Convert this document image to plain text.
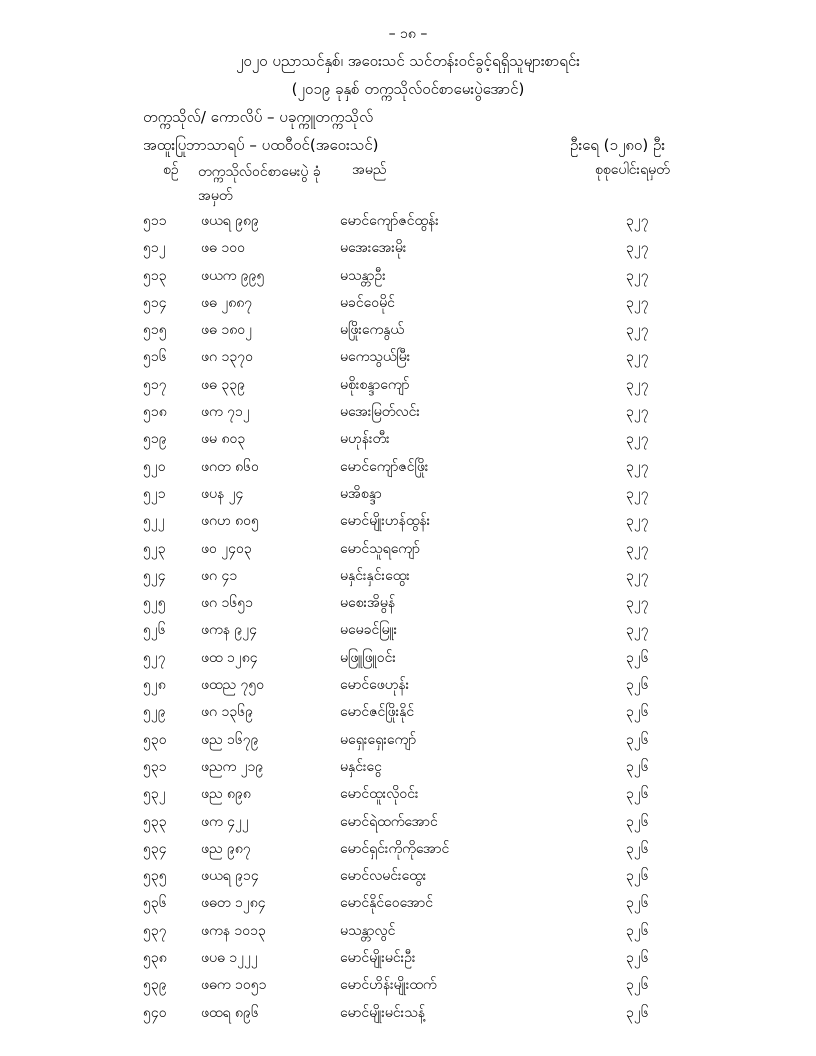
– ၁၈ –
၂၀၂၀ ပညာသင်နှစ်၊ အဝေးသင် သင်တန်းဝင်ခွင့်ရရှိသူများစာရင်း
(၂၀၁၉ ခုနှစ် တက္ကသိုလ်ဝင်စာမေးပွဲအောင်)
တက္ကသိုလ်/ ကောလိပ် – ပခုက္ကူတက္ကသိုလ်
အထူးပြုဘာသာရပ် – ပထဝီဝင်(အဝေးသင်)	ဦးရေ (၁၂၈၀) ဦး
စဉ် တက္ကသိုလ်ဝင်စာမေးပွဲ ခုံအမှတ်
အမည်	စုစုပေါင်းရမှတ်
၅၁၁ ဖယရ ၉၈၉	မောင်ကျော်ဇင်ထွန်း	၃၂၇
၅၁၂	ဖဓ ၁၀၀	မအေးအေးမိုး	၃၂၇
၅၁၃ ဖယက ၉၉၅	မသန္တာဦး	၃၂၇
၅၁၄ ဖဓ ၂၈၈၇	မခင်ဝေမိုင်	၃၂၇
၅၁၅ ဖဓ ၁၈၀၂	မဖြိုးကေနွယ်	၃၂၇
၅၁၆ ဖဂ ၁၃၇၀	မကေသွယ်မြီး	၃၂၇
၅၁၇ ဖဓ ၃၃၉	မစိုးစန္ဒာကျော်	၃၂၇
၅၁၈ ဖက ၇၁၂	မအေးမြတ်လင်း	၃၂၇
၅၁၉ ဖမ ၈၀၃	မဟုန်းတီး	၃၂၇
၅၂၀	ဖဂတ ၈၆၀	မောင်ကျော်ဇင်ဖြိုး	၃၂၇
၅၂၁	ဖပန ၂၄	မအိစန္ဒာ	၃၂၇
၅၂၂	ဖဂဟ ၈၀၅	မောင်မျိုးဟန်ထွန်း	၃၂၇
၅၂၃	ဖဝ ၂၄၀၃	မောင်သူရကျော်	၃၂၇
၅၂၄	ဖဂ ၄၁	မနှင်းနှင်းထွေး	၃၂၇
၅၂၅	ဖဂ ၁၆၅၁	မစေးအိမွန်	၃၂၇
၅၂၆	ဖကန ၉၂၄	မမေခင်မြူး	၃၂၇
၅၂၇	ဖထ ၁၂၈၄	မဖြူဖြူဝင်း	၃၂၆
၅၂၈	ဖထည ၇၅၀	မောင်ဖေဟုန်း	၃၂၆
၅၂၉	ဖဂ ၁၃၆၉	မောင်ဇင်ဖြိုးနိုင်	၃၂၆
၅၃၀ ဖည ၁၆၇၉	မရှေးရှေးကျော်	၃၂၆
၅၃၁ ဖညက ၂၁၉	မနှင်းငွေ	၃၂၆
၅၃၂	ဖည ၈၉၈	မောင်ထူးလိုဝင်း	၃၂၆
၅၃၃ ဖက ၄၂၂	မောင်ရဲထက်အောင်	၃၂၆
၅၃၄ ဖည ၉၈၇	မောင်ရှင်းကိုကိုအောင်	၃၂၆
၅၃၅ ဖယရ ၉၁၄	မောင်လမင်းထွေး	၃၂၆
၅၃၆ ဖဓတ ၁၂၈၄	မောင်နိုင်ဝေအောင်	၃၂၆
၅၃၇ ဖကန ၁၀၁၃	မသန္တာလွင်	၃၂၆
၅၃၈ ဖပဓ ၁၂၂၂	မောင်မျိုးမင်းဦး	၃၂၆
၅၃၉ ဖဓက ၁၀၅၁	မောင်ဟိန်းမျိုးထက်	၃၂၆
၅၄၀ ဖထရ ၈၉၆	မောင်မျိုးမင်းသန့်	၃၂၆
